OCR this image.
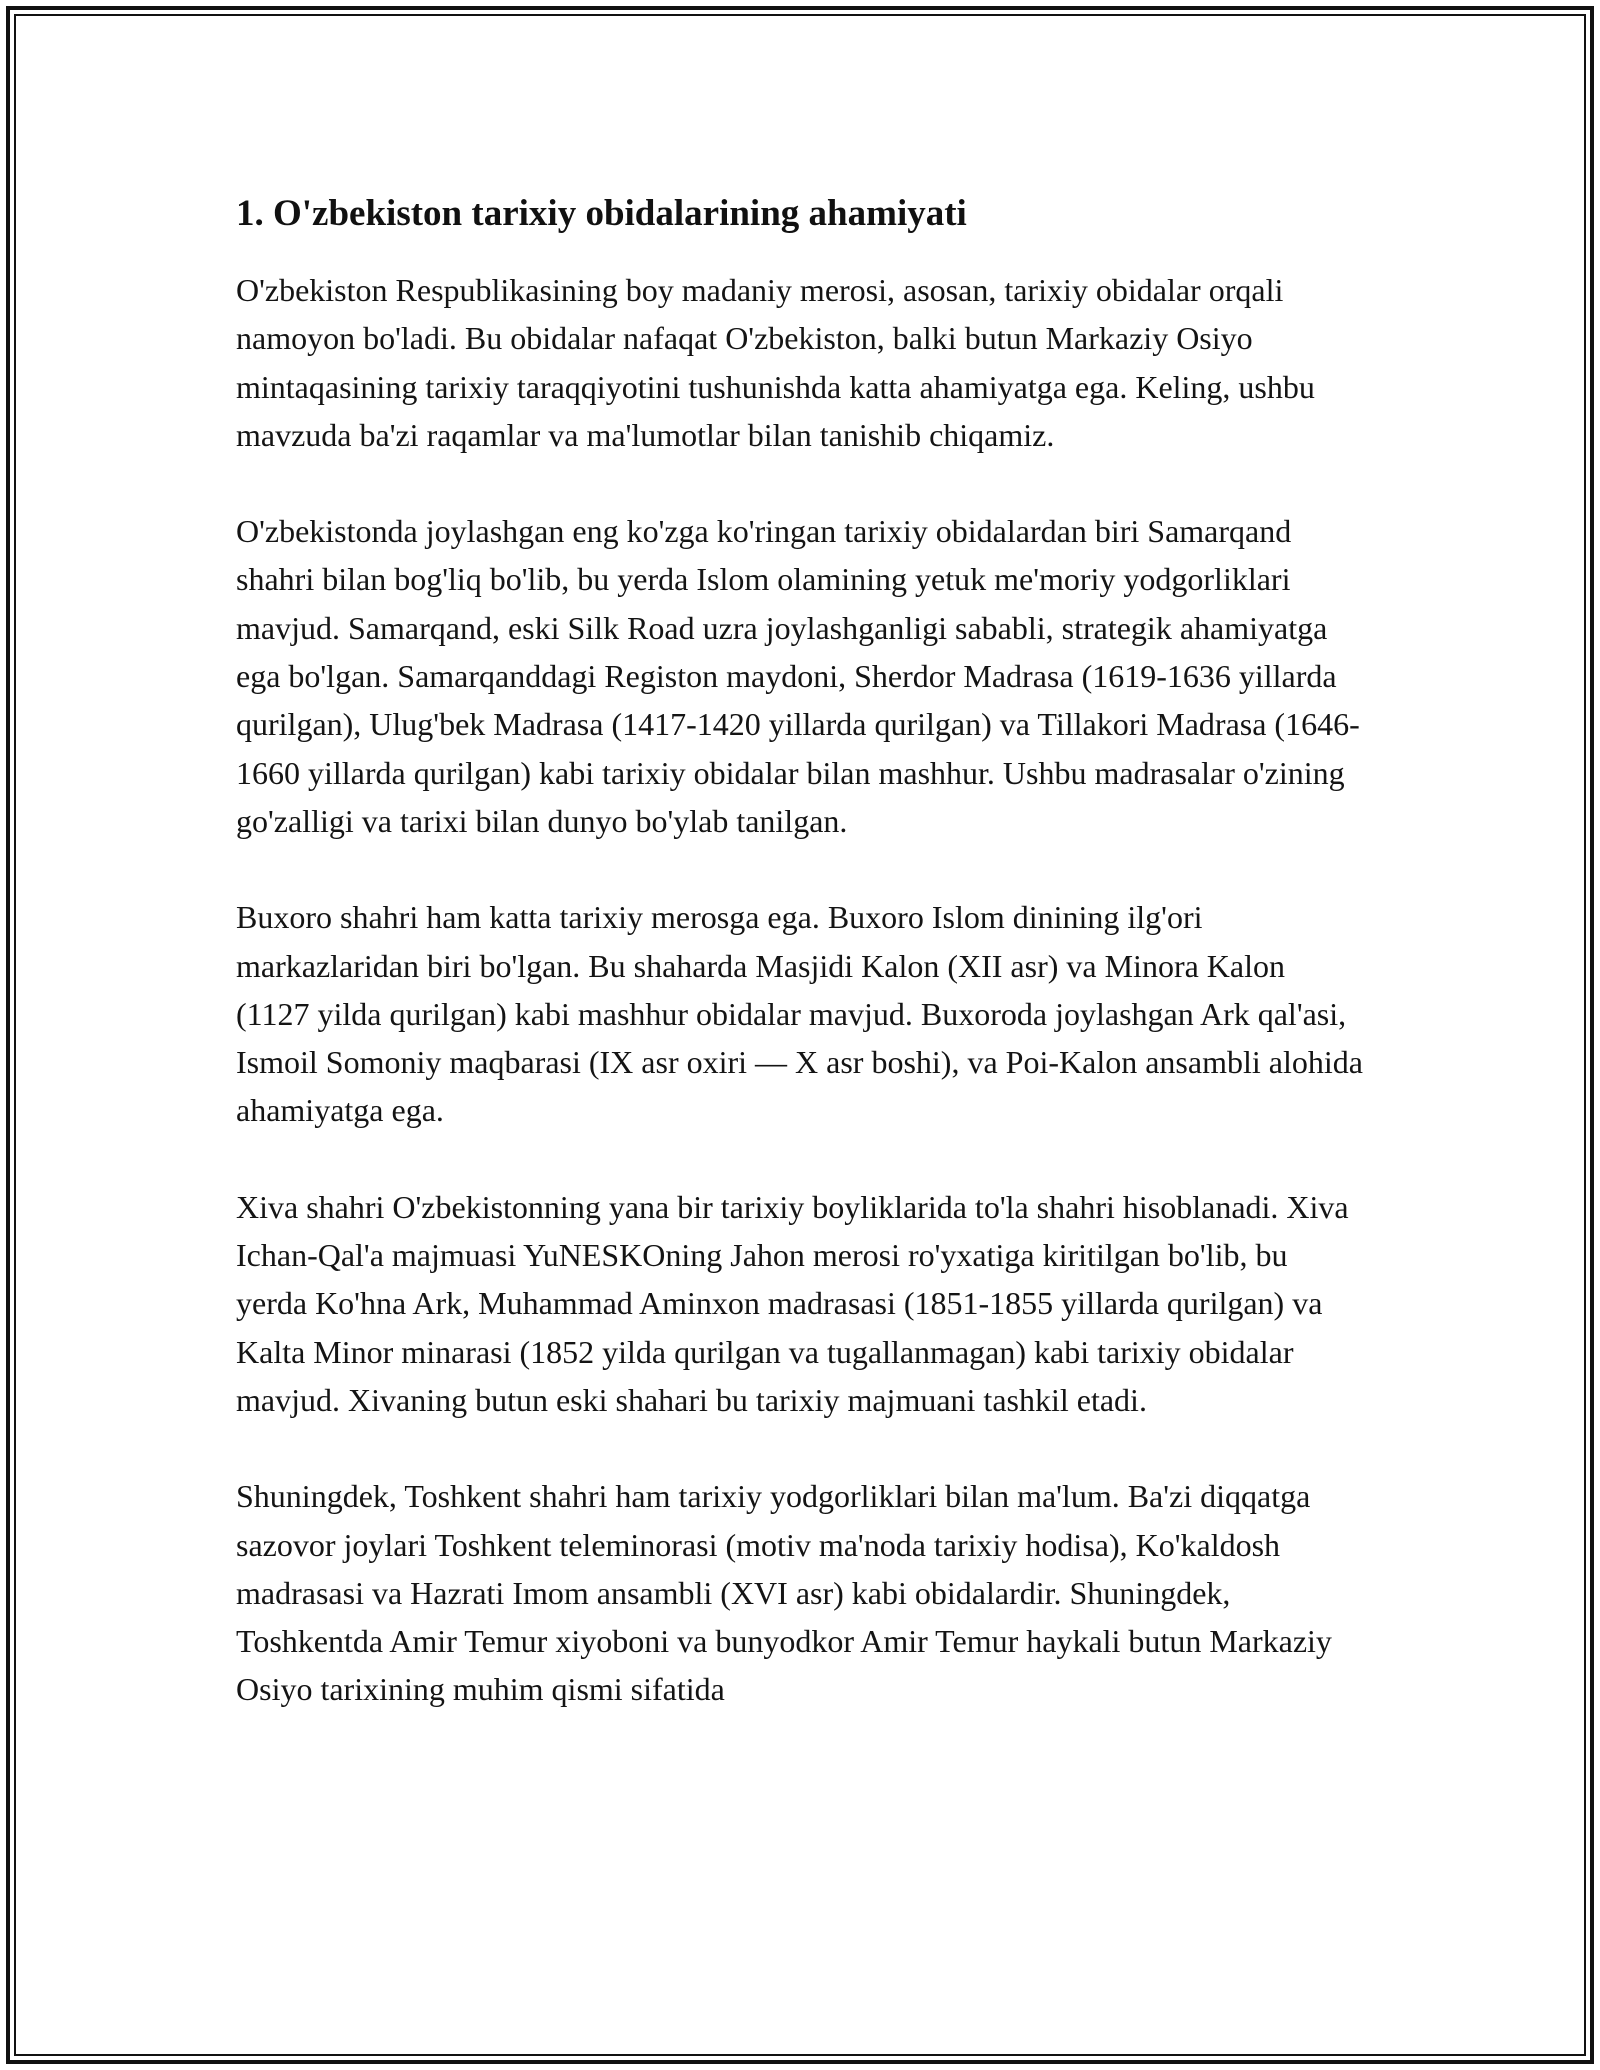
1. O'zbekiston tarixiy obidalarining ahamiyati

O'zbekiston Respublikasining boy madaniy merosi, asosan, tarixiy obidalar orqali namoyon bo'ladi. Bu obidalar nafaqat O'zbekiston, balki butun Markaziy Osiyo mintaqasining tarixiy taraqqiyotini tushunishda katta ahamiyatga ega. Keling, ushbu mavzuda ba'zi raqamlar va ma'lumotlar bilan tanishib chiqamiz.

O'zbekistonda joylashgan eng ko'zga ko'ringan tarixiy obidalardan biri Samarqand shahri bilan bog'liq bo'lib, bu yerda Islom olamining yetuk me'moriy yodgorliklari mavjud. Samarqand, eski Silk Road uzra joylashganligi sababli, strategik ahamiyatga ega bo'lgan. Samarqanddagi Registon maydoni, Sherdor Madrasa (1619-1636 yillarda qurilgan), Ulug'bek Madrasa (1417-1420 yillarda qurilgan) va Tillakori Madrasa (1646-1660 yillarda qurilgan) kabi tarixiy obidalar bilan mashhur. Ushbu madrasalar o'zining go'zalligi va tarixi bilan dunyo bo'ylab tanilgan.

Buxoro shahri ham katta tarixiy merosga ega. Buxoro Islom dinining ilg'ori markazlaridan biri bo'lgan. Bu shaharda Masjidi Kalon (XII asr) va Minora Kalon (1127 yilda qurilgan) kabi mashhur obidalar mavjud. Buxoroda joylashgan Ark qal'asi, Ismoil Somoniy maqbarasi (IX asr oxiri — X asr boshi), va Poi-Kalon ansambli alohida ahamiyatga ega.

Xiva shahri O'zbekistonning yana bir tarixiy boyliklarida to'la shahri hisoblanadi. Xiva Ichan-Qal'a majmuasi YuNESKOning Jahon merosi ro'yxatiga kiritilgan bo'lib, bu yerda Ko'hna Ark, Muhammad Aminxon madrasasi (1851-1855 yillarda qurilgan) va Kalta Minor minarasi (1852 yilda qurilgan va tugallanmagan) kabi tarixiy obidalar mavjud. Xivaning butun eski shahari bu tarixiy majmuani tashkil etadi.

Shuningdek, Toshkent shahri ham tarixiy yodgorliklari bilan ma'lum. Ba'zi diqqatga sazovor joylari Toshkent teleminorasi (motiv ma'noda tarixiy hodisa), Ko'kaldosh madrasasi va Hazrati Imom ansambli (XVI asr) kabi obidalardir. Shuningdek, Toshkentda Amir Temur xiyoboni va bunyodkor Amir Temur haykali butun Markaziy Osiyo tarixining muhim qismi sifatida
